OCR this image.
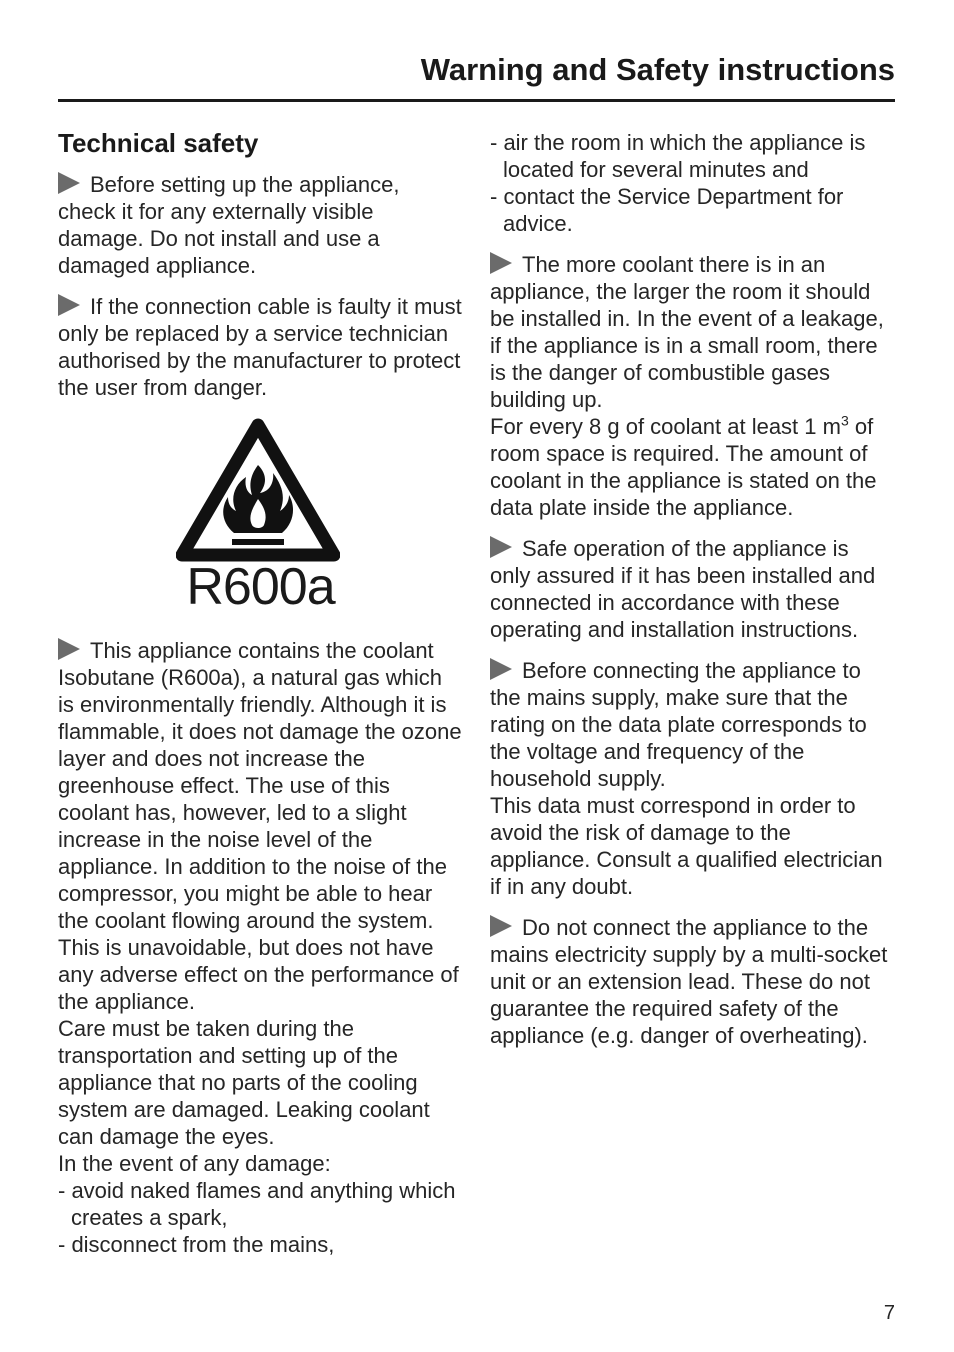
Warning and Safety instructions
Technical safety

Before setting up the appliance, check it for any externally visible damage. Do not install and use a damaged appliance.

If the connection cable is faulty it must only be replaced by a service technician authorised by the manufacturer to protect the user from danger.

R600a

This appliance contains the coolant Isobutane (R600a), a natural gas which is environmentally friendly. Although it is flammable, it does not damage the ozone layer and does not increase the greenhouse effect. The use of this coolant has, however, led to a slight increase in the noise level of the appliance. In addition to the noise of the compressor, you might be able to hear the coolant flowing around the system. This is unavoidable, but does not have any adverse effect on the performance of the appliance.

Care must be taken during the transportation and setting up of the appliance that no parts of the cooling system are damaged. Leaking coolant can damage the eyes.

In the event of any damage:

- avoid naked flames and anything which creates a spark,

- disconnect from the mains,

- air the room in which the appliance is located for several minutes and

- contact the Service Department for advice.

The more coolant there is in an appliance, the larger the room it should be installed in. In the event of a leakage, if the appliance is in a small room, there is the danger of combustible gases building up.

For every 8 g of coolant at least 1 $m^3$ of room space is required. The amount of coolant in the appliance is stated on the data plate inside the appliance.

Safe operation of the appliance is only assured if it has been installed and connected in accordance with these operating and installation instructions.

Before connecting the appliance to the mains supply, make sure that the rating on the data plate corresponds to the voltage and frequency of the household supply.

This data must correspond in order to avoid the risk of damage to the appliance. Consult a qualified electrician if in any doubt.

Do not connect the appliance to the mains electricity supply by a multi-socket unit or an extension lead. These do not guarantee the required safety of the appliance (e.g. danger of overheating).

7
